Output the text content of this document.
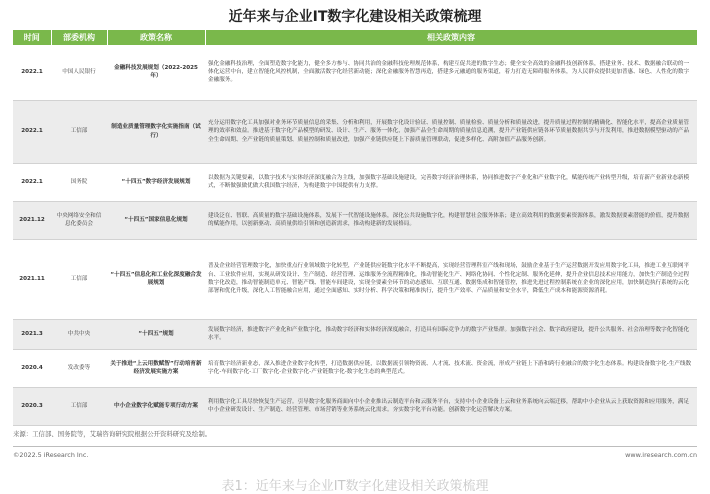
近年来与企业IT数字化建设相关政策梳理
时间	部委机构	政策名称	相关政策内容
2022.1	中国人民银行	金融科技发展规划（2022-2025年）	强化金融科技治理，全面塑造数字化能力，健全多方参与、协同共治的金融科技伦理规范体系，构建互促共进的数字生态；健全安全高效的金融科技创新体系，搭建业务、技术、数据融合联动的一体化运营中台，建立智能化风控机制，全面激活数字化经营新动能；深化金融服务智慧再造，搭建多元融通的服务渠道，着力打造无障碍服务体系，为人民群众提供更加普惠、绿色、人性化的数字金融服务。
2022.1	工信部	制造业质量管理数字化实施指南（试行）	充分运用数字化工具加强对业务环节质量信息的采集、分析和利用，开展数字化设计验证、质量控制、质量检验、质量分析和质量改进，提升质量过程控制的精确化、智能化水平，提高企业质量管理的效率和效益。推进基于数字化产品模型的研发、设计、生产、服务一体化，加强产品全生命周期的质量信息追溯，提升产业链供应链各环节质量数据共享与开发利用，推进数据模型驱动的产品全生命周期、全产业链的质量策划、质量控制和质量改进，加强产业链供应链上下游质量管理联动，促进多样化、高附加值产品服务创新。
2022.1	国务院	“十四五”数字经济发展规划	以数据为关键要素，以数字技术与实体经济深度融合为主线，加强数字基础设施建设，完善数字经济治理体系，协同推进数字产业化和产业数字化，赋能传统产业转型升级，培育新产业新业态新模式，不断做强做优做大我国数字经济，为构建数字中国提供有力支撑。
2021.12	中央网络安全和信息化委员会	“十四五”国家信息化规划	建设泛在、智联、高质量的数字基础设施体系，发展下一代智能设施体系，深化公共设施数字化，构建智慧社会服务体系；建立高效利用的数据要素资源体系，激发数据要素潜能的价值，提升数据的赋能作用，以创新驱动、高质量供给引领和创造新需求，推动构建新的发展格局。
2021.11	工信部	“十四五”信息化和工业化深度融合发展规划	普及企业经营管理数字化，加快重点行业领域数字化转型，产业链供应链数字化水平不断提高，实现经营管理科室产线和现场，鼓励企业基于生产运营数据开发应用数字化工具，推进工业互联网平台、工业软件应用，实现从研发设计、生产制造、经营管理、运维服务全流程精准化，推动智能化生产、网络化协同、个性化定制、服务化延伸，提升企业信息技术应用能力，加快生产制造全过程数字化改造，推动智能制造单元、智能产线、智能车间建设，实现全要素全环节的动态感知、互联互通、数据集成和智能管控，推进先进过程控制系统在企业的深化应用，加快制造执行系统的云化部署和优化升级，深化人工智能融合应用，通过全面感知、实时分析、科学决策和精准执行，提升生产效率、产品质量和安全水平，降低生产成本和能源资源消耗。
2021.3	中共中央	“十四五”规划	发展数字经济，推进数字产业化和产业数字化，推动数字经济和实体经济深度融合，打造具有国际竞争力的数字产业集群。加强数字社会、数字政府建设，提升公共服务、社会治理等数字化智能化水平。
2020.4	发改委等	关于推进“上云用数赋智”行动培育新经济发展实施方案	培育数字经济新业态，深入推进企业数字化转型，打造数据供应链，以数据流引领物资流、人才流、技术流、资金流，形成产业链上下游和跨行业融合的数字化生态体系。构建设备数字化-生产线数字化-车间数字化-工厂数字化-企业数字化-产业链数字化-数字化生态的典型范式。
2020.3	工信部	中小企业数字化赋能专项行动方案	利用数字化工具尽快恢复生产运营。引导数字化服务商面向中小企业推出云制造平台和云服务平台，支持中小企业设备上云和业务系统向云端迁移，帮助中小企业从云上获取资源和应用服务，满足中小企业研发设计、生产制造、经营管理、市场营销等业务系统云化需求。夯实数字化平台功能。创新数字化运营解决方案。
来源：工信部、国务院等，艾瑞咨询研究院根据公开资料研究及绘制。
©2022.5 iResearch Inc.	www.iresearch.com.cn
表1：近年来与企业IT数字化建设相关政策梳理
